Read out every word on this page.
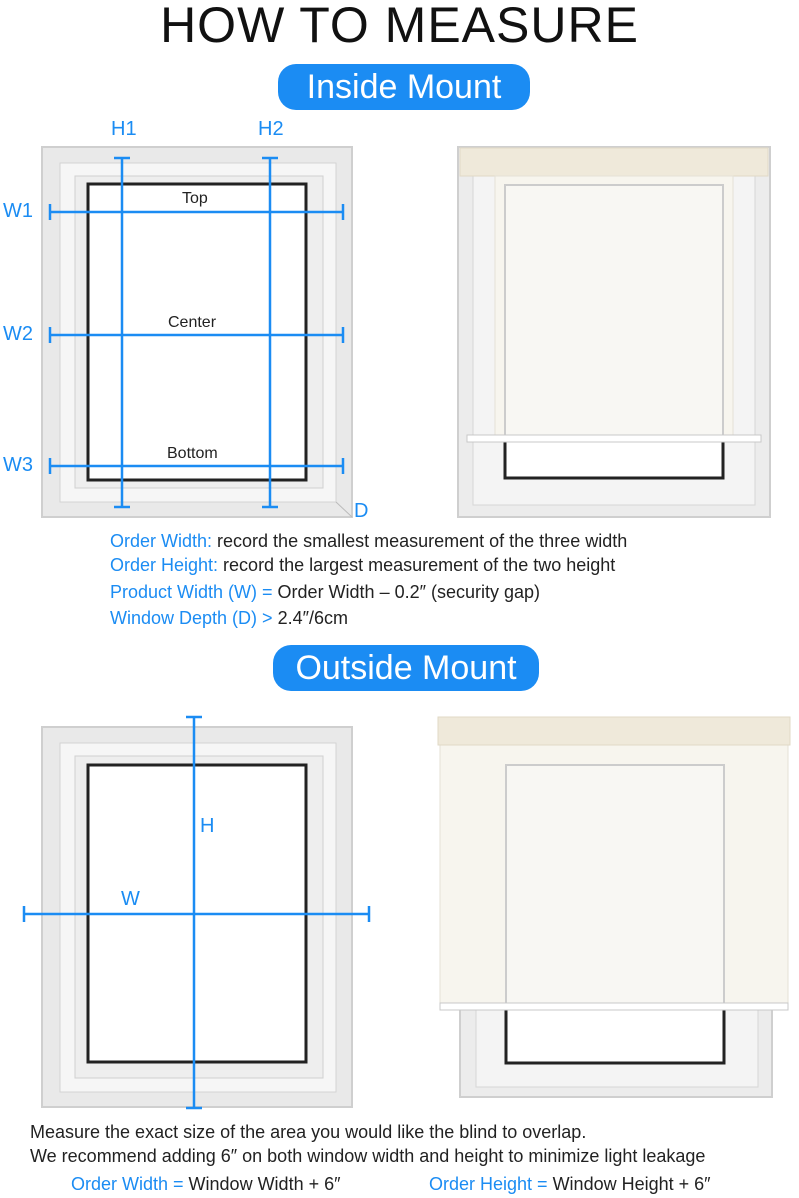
HOW TO MEASURE
Inside Mount
H1	H2
W1
W2
W3
D
Top
Center
Bottom
Order Width: record the smallest measurement of the three width
Order Height: record the largest measurement of the two height
Product Width (W) = Order Width – 0.2″ (security gap)
Window Depth (D) > 2.4″/6cm
Outside Mount
H
W
Measure the exact size of the area you would like the blind to overlap.
We recommend adding 6″ on both window width and height to minimize light leakage
Order Width = Window Width + 6″	Order Height = Window Height + 6″
